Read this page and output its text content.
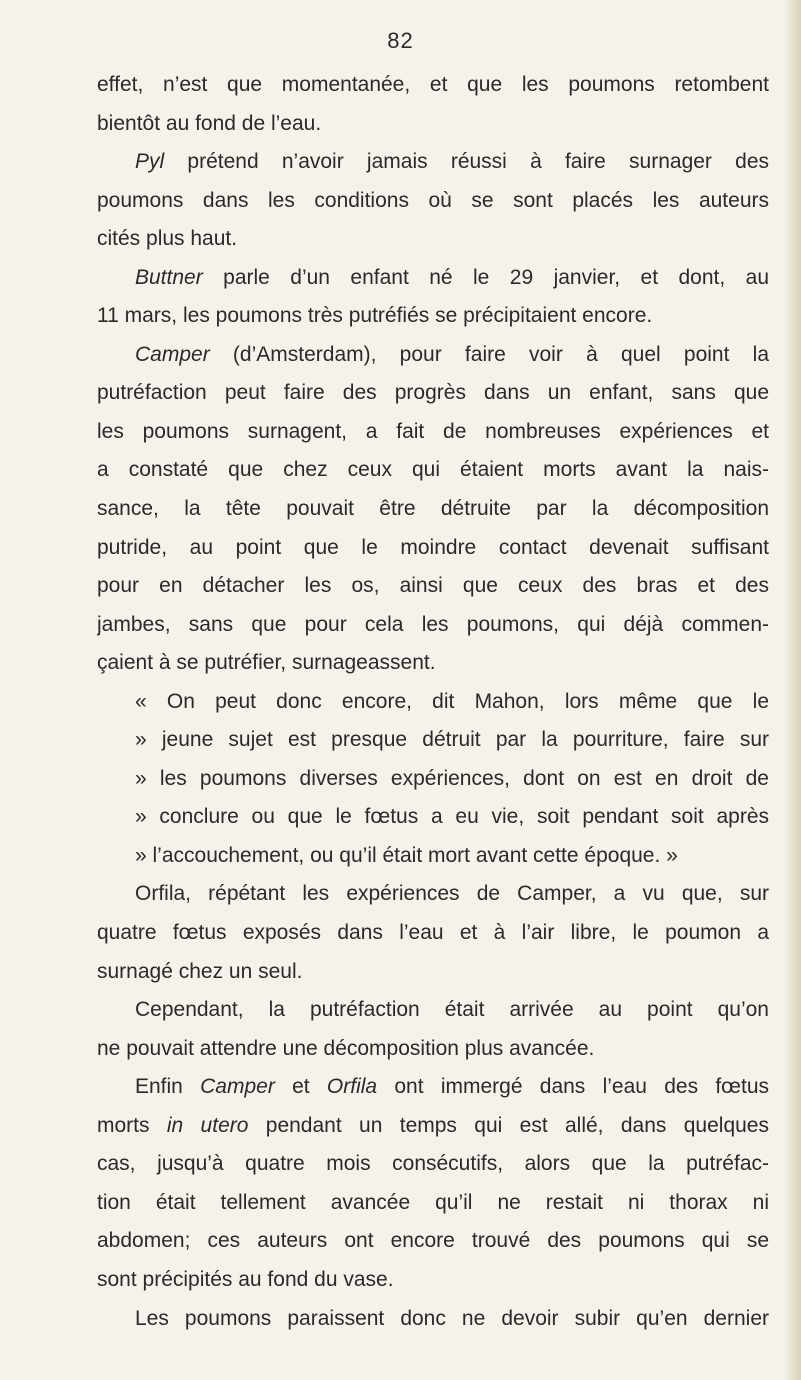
82
effet, n’est que momentanée, et que les poumons retombent
bientôt au fond de l’eau.
Pyl prétend n’avoir jamais réussi à faire surnager des
poumons dans les conditions où se sont placés les auteurs
cités plus haut.
Buttner parle d’un enfant né le 29 janvier, et dont, au
11 mars, les poumons très putréfiés se précipitaient encore.
Camper (d’Amsterdam), pour faire voir à quel point la
putréfaction peut faire des progrès dans un enfant, sans que
les poumons surnagent, a fait de nombreuses expériences et
a constaté que chez ceux qui étaient morts avant la nais-
sance, la tête pouvait être détruite par la décomposition
putride, au point que le moindre contact devenait suffisant
pour en détacher les os, ainsi que ceux des bras et des
jambes, sans que pour cela les poumons, qui déjà commen-
çaient à se putréfier, surnageassent.
« On peut donc encore, dit Mahon, lors même que le
» jeune sujet est presque détruit par la pourriture, faire sur
» les poumons diverses expériences, dont on est en droit de
» conclure ou que le fœtus a eu vie, soit pendant soit après
» l’accouchement, ou qu’il était mort avant cette époque. »
Orfila, répétant les expériences de Camper, a vu que, sur
quatre fœtus exposés dans l’eau et à l’air libre, le poumon a
surnagé chez un seul.
Cependant, la putréfaction était arrivée au point qu’on
ne pouvait attendre une décomposition plus avancée.
Enfin Camper et Orfila ont immergé dans l’eau des fœtus
morts in utero pendant un temps qui est allé, dans quelques
cas, jusqu’à quatre mois consécutifs, alors que la putréfac-
tion était tellement avancée qu’il ne restait ni thorax ni
abdomen; ces auteurs ont encore trouvé des poumons qui se
sont précipités au fond du vase.
Les poumons paraissent donc ne devoir subir qu’en dernier
